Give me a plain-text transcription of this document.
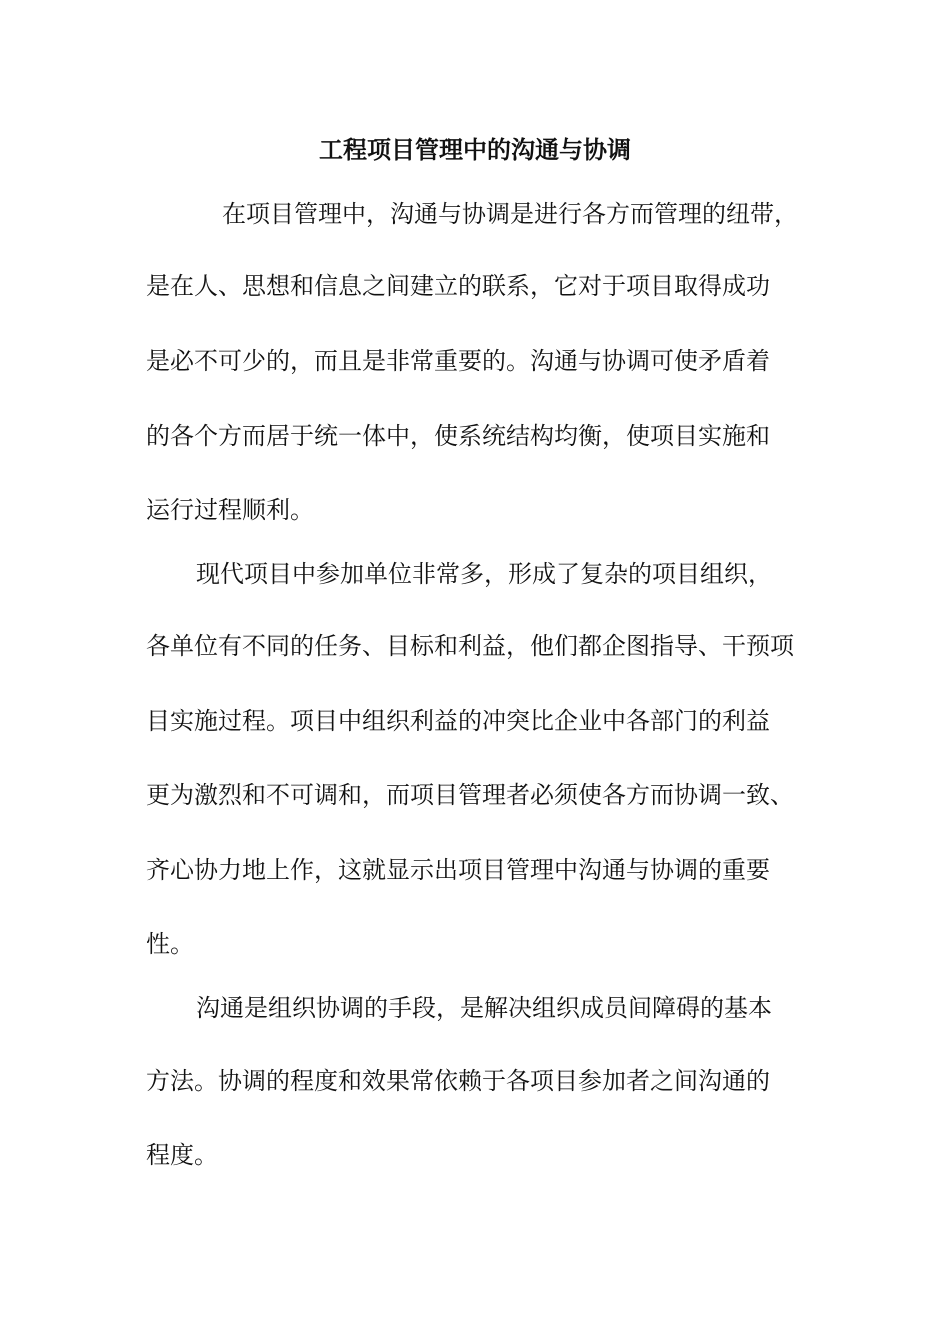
工程项目管理中的沟通与协调

在项目管理中，沟通与协调是进行各方而管理的纽带，

是在人、思想和信息之间建立的联系，它对于项目取得成功

是必不可少的，而且是非常重要的。沟通与协调可使矛盾着

的各个方而居于统一体中，使系统结构均衡，使项目实施和

运行过程顺利。

现代项目中参加单位非常多，形成了复杂的项目组织，

各单位有不同的任务、目标和利益，他们都企图指导、干预项

目实施过程。项目中组织利益的冲突比企业中各部门的利益

更为激烈和不可调和，而项目管理者必须使各方而协调一致、

齐心协力地上作，这就显示出项目管理中沟通与协调的重要

性。

沟通是组织协调的手段，是解决组织成员间障碍的基本

方法。协调的程度和效果常依赖于各项目参加者之间沟通的

程度。
